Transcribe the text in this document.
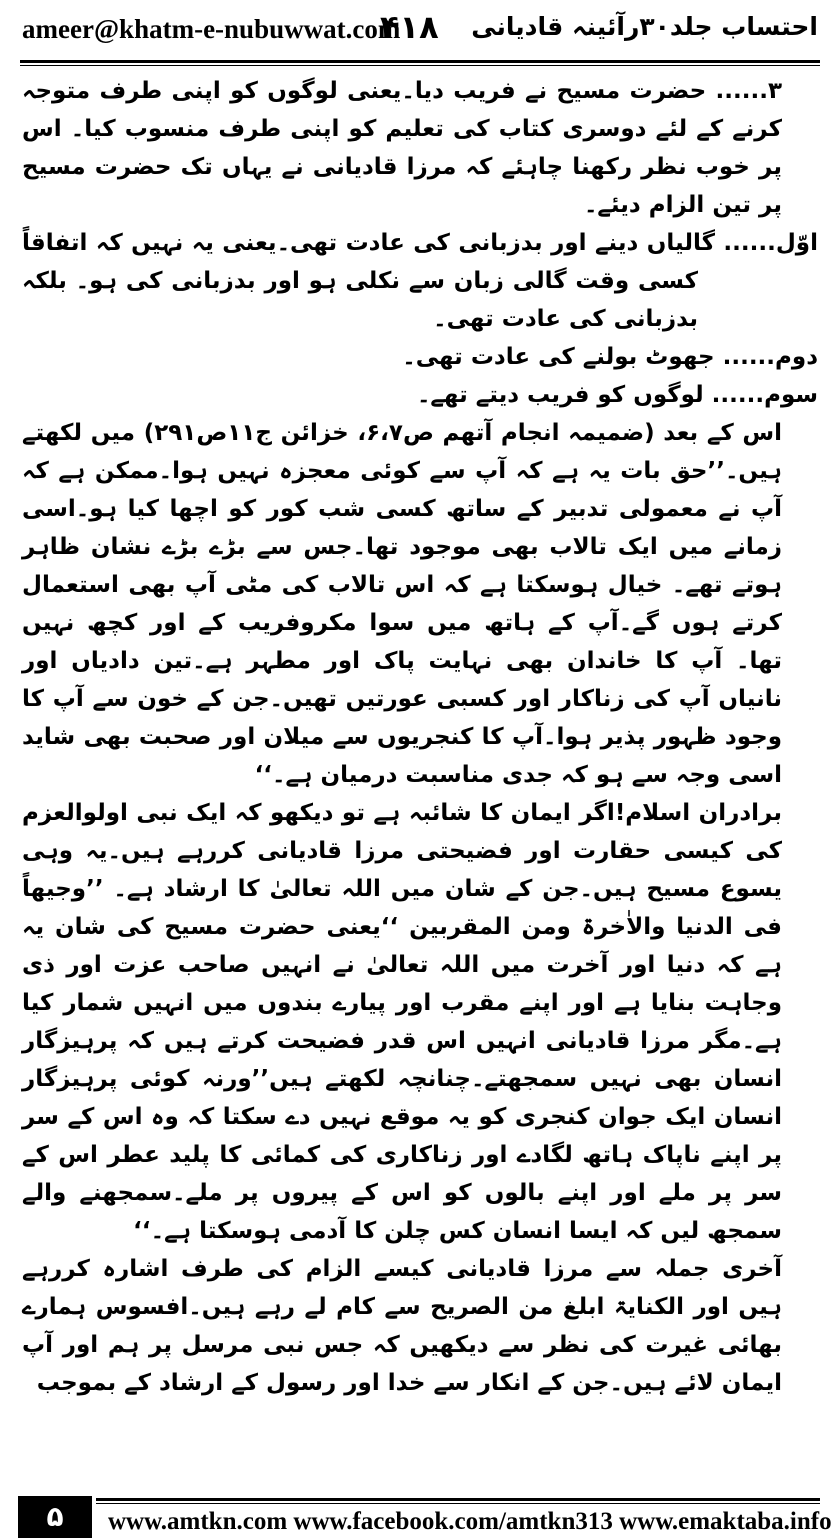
ameer@khatm-e-nubuwwat.com
۴۱۸ احتساب جلد۳۰رآئینہ قادیانی

۳...... حضرت مسیح نے فریب دیا۔یعنی لوگوں کو اپنی طرف متوجہ کرنے کے لئے دوسری کتاب کی تعلیم کو اپنی طرف منسوب کیا۔ اس پر خوب نظر رکھنا چاہئے کہ مرزا قادیانی نے یہاں تک حضرت مسیح پر تین الزام دیئے۔

اوّل...... گالیاں دینے اور بدزبانی کی عادت تھی۔یعنی یہ نہیں کہ اتفاقاً کسی وقت گالی زبان سے نکلی ہو اور بدزبانی کی ہو۔ بلکہ بدزبانی کی عادت تھی۔

دوم...... جھوٹ بولنے کی عادت تھی۔

سوم...... لوگوں کو فریب دیتے تھے۔

اس کے بعد (ضمیمہ انجام آتھم ص۶،۷، خزائن ج۱۱ص۲۹۱) میں لکھتے ہیں۔’’حق بات یہ ہے کہ آپ سے کوئی معجزہ نہیں ہوا۔ممکن ہے کہ آپ نے معمولی تدبیر کے ساتھ کسی شب کور کو اچھا کیا ہو۔اسی زمانے میں ایک تالاب بھی موجود تھا۔جس سے بڑے بڑے نشان ظاہر ہوتے تھے۔ خیال ہوسکتا ہے کہ اس تالاب کی مٹی آپ بھی استعمال کرتے ہوں گے۔آپ کے ہاتھ میں سوا مکروفریب کے اور کچھ نہیں تھا۔ آپ کا خاندان بھی نہایت پاک اور مطہر ہے۔تین دادیاں اور نانیاں آپ کی زناکار اور کسبی عورتیں تھیں۔جن کے خون سے آپ کا وجود ظہور پذیر ہوا۔آپ کا کنجریوں سے میلان اور صحبت بھی شاید اسی وجہ سے ہو کہ جدی مناسبت درمیان ہے۔‘‘

برادران اسلام!اگر ایمان کا شائبہ ہے تو دیکھو کہ ایک نبی اولوالعزم کی کیسی حقارت اور فضیحتی مرزا قادیانی کررہے ہیں۔یہ وہی یسوع مسیح ہیں۔جن کے شان میں اللہ تعالیٰ کا ارشاد ہے۔ ’’وجیھاً فی الدنیا والاٰخرۃ ومن المقربین ‘‘یعنی حضرت مسیح کی شان یہ ہے کہ دنیا اور آخرت میں اللہ تعالیٰ نے انہیں صاحب عزت اور ذی وجاہت بنایا ہے اور اپنے مقرب اور پیارے بندوں میں انہیں شمار کیا ہے۔مگر مرزا قادیانی انہیں اس قدر فضیحت کرتے ہیں کہ پرہیزگار انسان بھی نہیں سمجھتے۔چنانچہ لکھتے ہیں’’ورنہ کوئی پرہیزگار انسان ایک جوان کنجری کو یہ موقع نہیں دے سکتا کہ وہ اس کے سر پر اپنے ناپاک ہاتھ لگادے اور زناکاری کی کمائی کا پلید عطر اس کے سر پر ملے اور اپنے بالوں کو اس کے پیروں پر ملے۔سمجھنے والے سمجھ لیں کہ ایسا انسان کس چلن کا آدمی ہوسکتا ہے۔‘‘

آخری جملہ سے مرزا قادیانی کیسے الزام کی طرف اشارہ کررہے ہیں اور الکنایۃ ابلغ من الصریح سے کام لے رہے ہیں۔افسوس ہمارے بھائی غیرت کی نظر سے دیکھیں کہ جس نبی مرسل پر ہم اور آپ ایمان لائے ہیں۔جن کے انکار سے خدا اور رسول کے ارشاد کے بموجب

۵	www.amtkn.com www.facebook.com/amtkn313 www.emaktaba.info
